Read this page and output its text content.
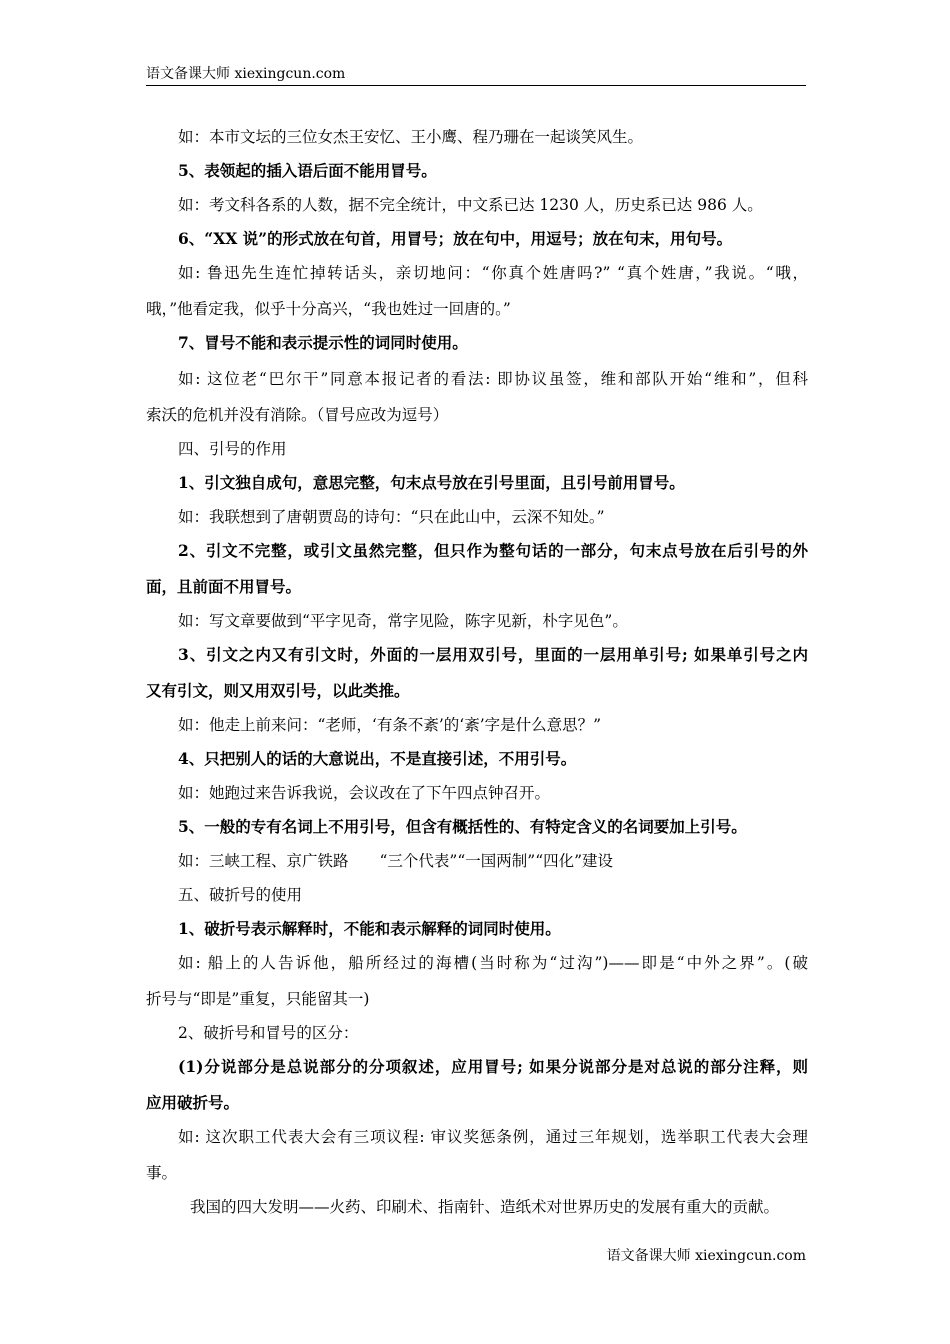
语文备课大师 xiexingcun.com
如：本市文坛的三位女杰王安忆、王小鹰、程乃珊在一起谈笑风生。
5、表领起的插入语后面不能用冒号。
如：考文科各系的人数，据不完全统计，中文系已达 1230 人，历史系已达 986 人。
6、“XX 说”的形式放在句首，用冒号；放在句中，用逗号；放在句末，用句号。
如: 鲁迅先生连忙掉转话头，亲切地问：“你真个姓唐吗?” “真个姓唐，”我说。“哦，
哦，”他看定我，似乎十分高兴，“我也姓过一回唐的。”
7、冒号不能和表示提示性的词同时使用。
如: 这位老“巴尔干”同意本报记者的看法: 即协议虽签，维和部队开始“维和”，但科
索沃的危机并没有消除。（冒号应改为逗号）
四、引号的作用
1、引文独自成句，意思完整，句末点号放在引号里面，且引号前用冒号。
如：我联想到了唐朝贾岛的诗句：“只在此山中，云深不知处。”
2、引文不完整，或引文虽然完整，但只作为整句话的一部分，句末点号放在后引号的外
面，且前面不用冒号。
如：写文章要做到“平字见奇，常字见险，陈字见新，朴字见色”。
3、引文之内又有引文时，外面的一层用双引号，里面的一层用单引号; 如果单引号之内
又有引文，则又用双引号，以此类推。
如：他走上前来问：“老师，‘有条不紊’的‘紊’字是什么意思？”
4、只把别人的话的大意说出，不是直接引述，不用引号。
如：她跑过来告诉我说，会议改在了下午四点钟召开。
5、一般的专有名词上不用引号，但含有概括性的、有特定含义的名词要加上引号。
如：三峡工程、京广铁路　　“三个代表”“一国两制”“四化”建设
五、破折号的使用
1、破折号表示解释时，不能和表示解释的词同时使用。
如: 船上的人告诉他，船所经过的海槽(当时称为“过沟”)——即是“中外之界”。(破
折号与“即是”重复，只能留其一)
2、破折号和冒号的区分：
(1)分说部分是总说部分的分项叙述，应用冒号; 如果分说部分是对总说的部分注释，则
应用破折号。
如: 这次职工代表大会有三项议程: 审议奖惩条例，通过三年规划，选举职工代表大会理
事。
我国的四大发明——火药、印刷术、指南针、造纸术对世界历史的发展有重大的贡献。
语文备课大师 xiexingcun.com
